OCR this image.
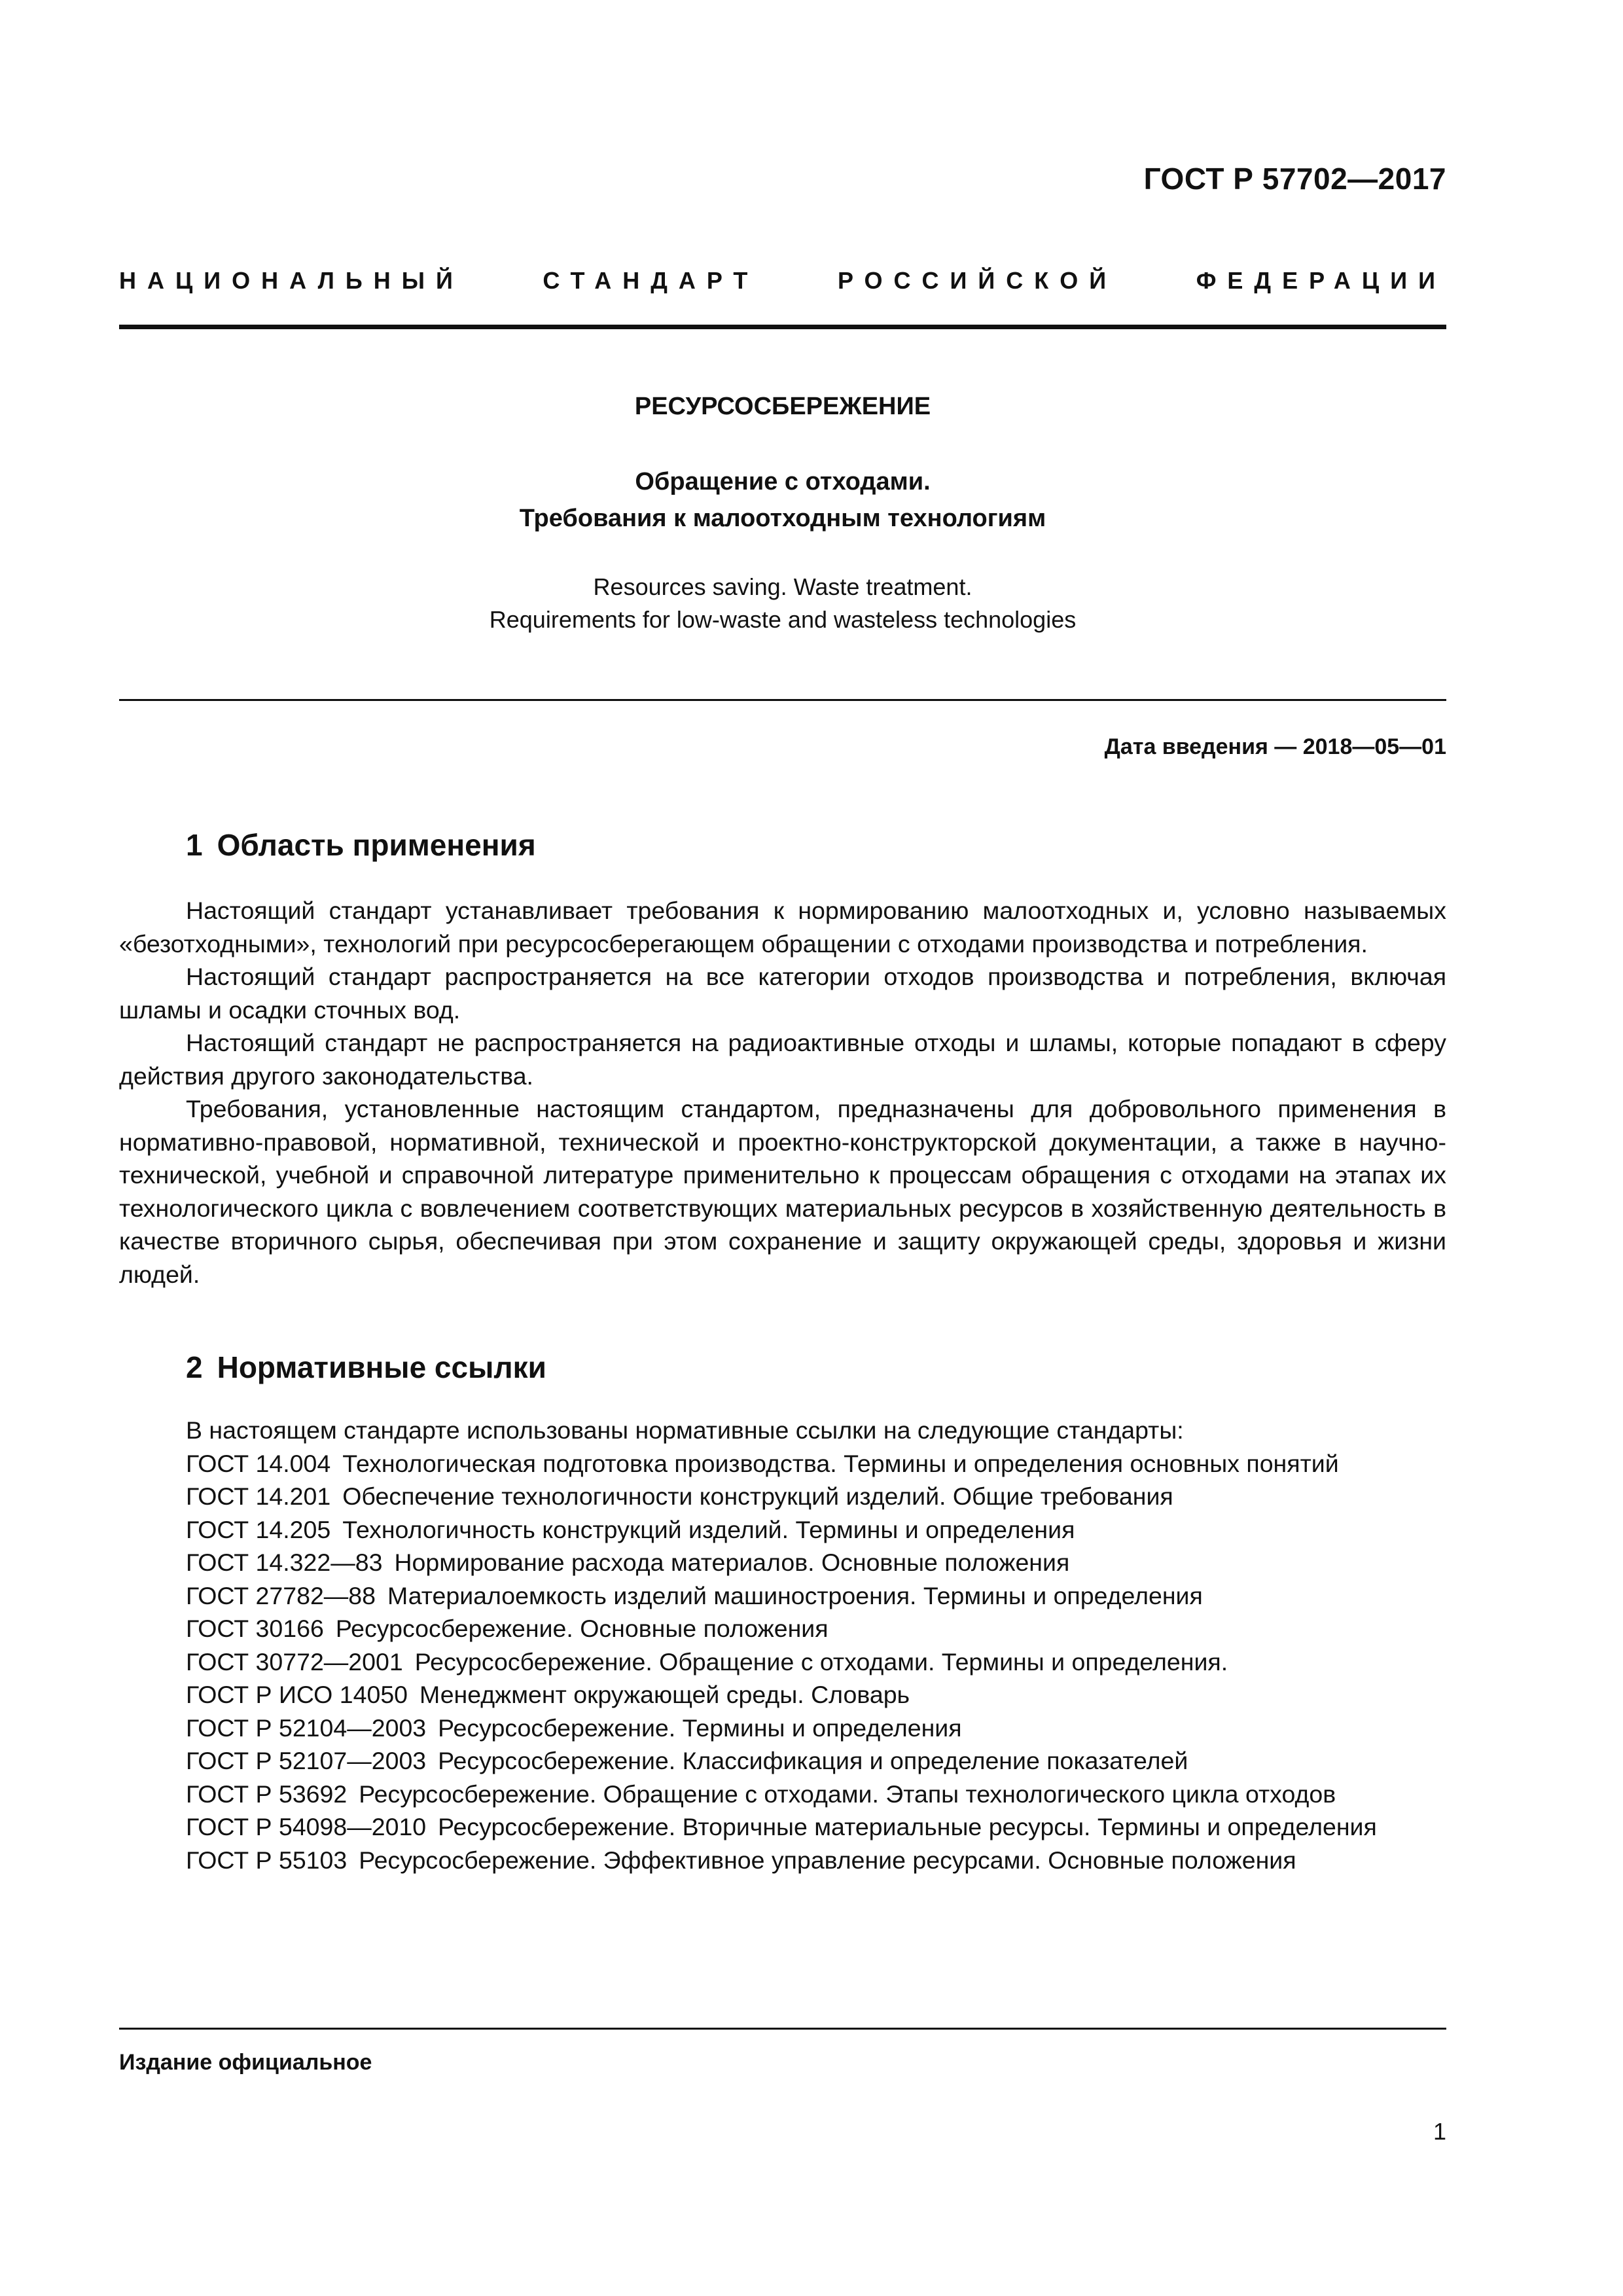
ГОСТ Р 57702—2017
НАЦИОНАЛЬНЫЙ	СТАНДАРТ	РОССИЙСКОЙ	ФЕДЕРАЦИИ
РЕСУРСОСБЕРЕЖЕНИЕ
Обращение с отходами.
Требования к малоотходным технологиям
Resources saving. Waste treatment.
Requirements for low-waste and wasteless technologies
Дата введения — 2018—05—01
1 Область применения

Настоящий стандарт устанавливает требования к нормированию малоотходных и, условно называемых «безотходными», технологий при ресурсосберегающем обращении с отходами производства и потребления.

Настоящий стандарт распространяется на все категории отходов производства и потребления, включая шламы и осадки сточных вод.

Настоящий стандарт не распространяется на радиоактивные отходы и шламы, которые попадают в сферу действия другого законодательства.

Требования, установленные настоящим стандартом, предназначены для добровольного применения в нормативно-правовой, нормативной, технической и проектно-конструкторской документации, а также в научно-технической, учебной и справочной литературе применительно к процессам обращения с отходами на этапах их технологического цикла с вовлечением соответствующих материальных ресурсов в хозяйственную деятельность в качестве вторичного сырья, обеспечивая при этом сохранение и защиту окружающей среды, здоровья и жизни людей.

2 Нормативные ссылки

В настоящем стандарте использованы нормативные ссылки на следующие стандарты:

ГОСТ 14.004 Технологическая подготовка производства. Термины и определения основных понятий

ГОСТ 14.201 Обеспечение технологичности конструкций изделий. Общие требования

ГОСТ 14.205 Технологичность конструкций изделий. Термины и определения

ГОСТ 14.322—83 Нормирование расхода материалов. Основные положения

ГОСТ 27782—88 Материалоемкость изделий машиностроения. Термины и определения

ГОСТ 30166 Ресурсосбережение. Основные положения

ГОСТ 30772—2001 Ресурсосбережение. Обращение с отходами. Термины и определения.

ГОСТ Р ИСО 14050 Менеджмент окружающей среды. Словарь

ГОСТ Р 52104—2003 Ресурсосбережение. Термины и определения

ГОСТ Р 52107—2003 Ресурсосбережение. Классификация и определение показателей

ГОСТ Р 53692 Ресурсосбережение. Обращение с отходами. Этапы технологического цикла отходов

ГОСТ Р 54098—2010 Ресурсосбережение. Вторичные материальные ресурсы. Термины и определения

ГОСТ Р 55103 Ресурсосбережение. Эффективное управление ресурсами. Основные положения

Издание официальное
1
